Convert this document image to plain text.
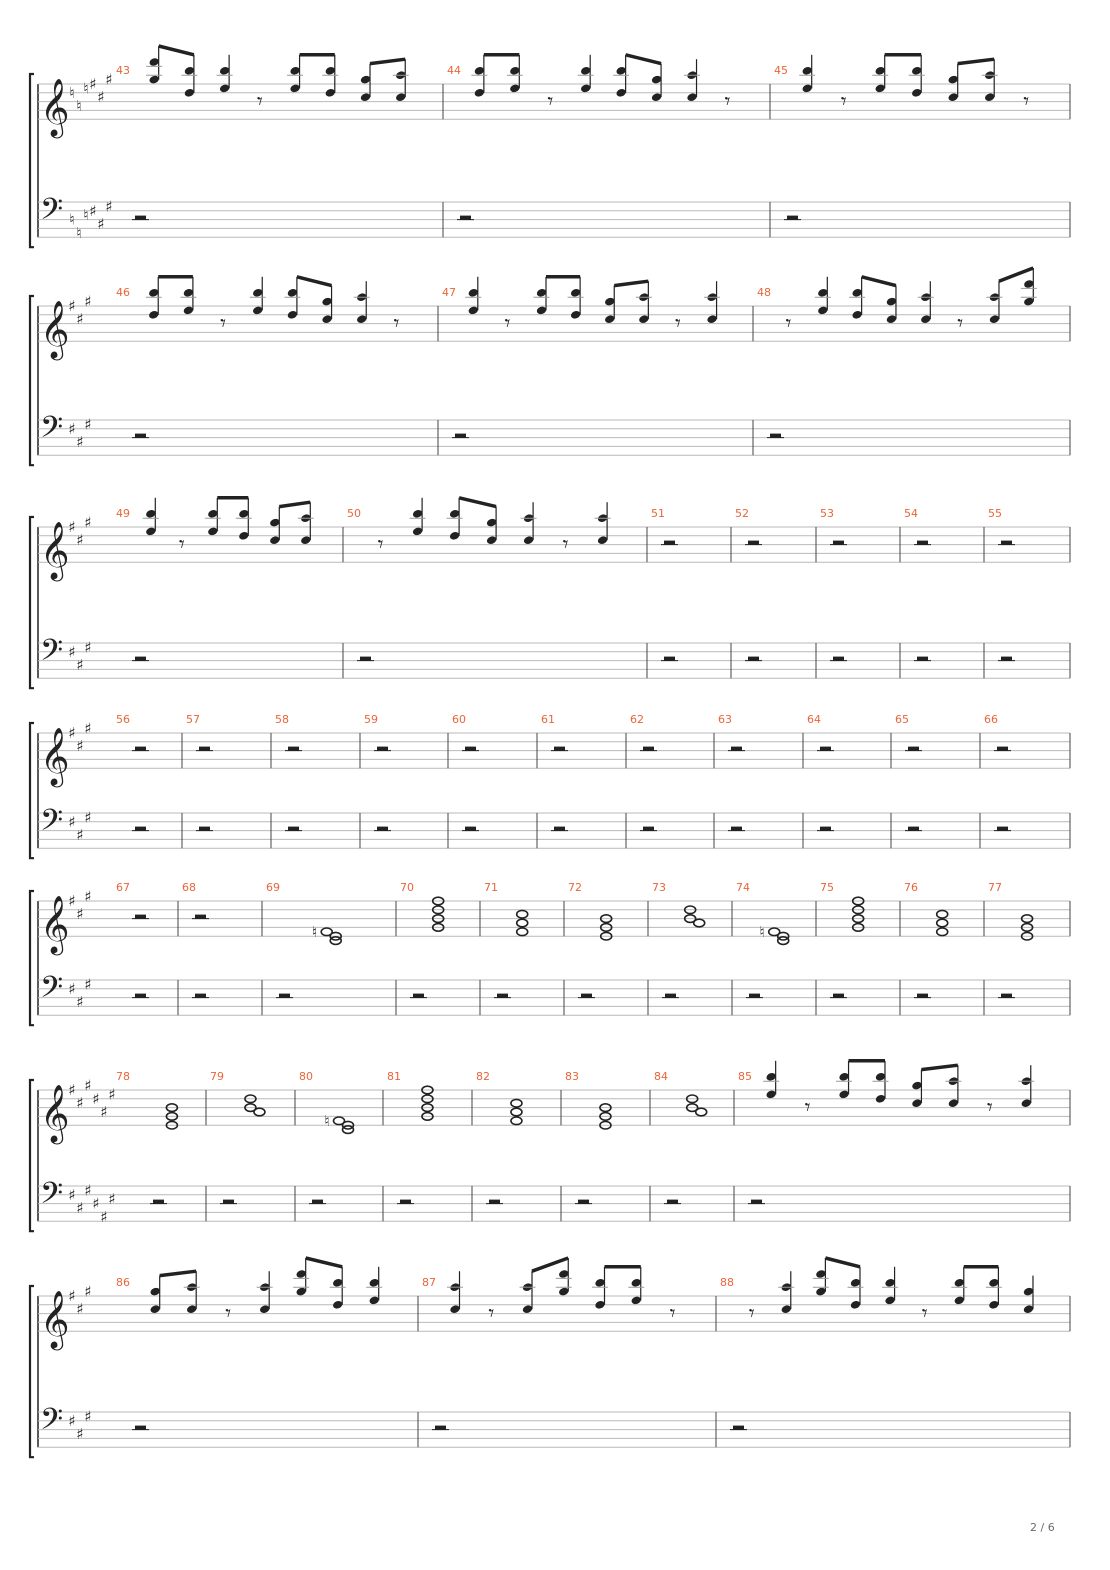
𝄞 ♮
♮
♮ ♯
♯
♯
𝄢 ♮
♮
♮ ♯
♯
♯
43
𝄾
44
𝄾	𝄾
45
𝄾	𝄾
𝄞
♯
♯
♯
𝄢 ♯
♯
♯
46
𝄾	𝄾
47
𝄾	𝄾
48
𝄾	𝄾
𝄞
♯
♯
♯
𝄢 ♯
♯
♯
49
𝄾
50
𝄾	𝄾
51	52	53	54	55
𝄞
♯
♯
♯
𝄢 ♯
♯
♯
56	57	58	59	60	61	62	63	64	65	66
𝄞
♯
♯
♯
𝄢 ♯
♯
♯
67	68	69
♮
70	71	72	73	74
♮
75	76	77
𝄞
♯
♯
♯
♯
♯
♯
𝄢 ♯
♯
♯
♯
♯
♯
78	79	80
♮
81	82	83	84	85
𝄾	𝄾
𝄞
♯
♯
♯
𝄢 ♯
♯
♯
86
𝄾
87
𝄾	𝄾
88
𝄾	𝄾
2 / 6
